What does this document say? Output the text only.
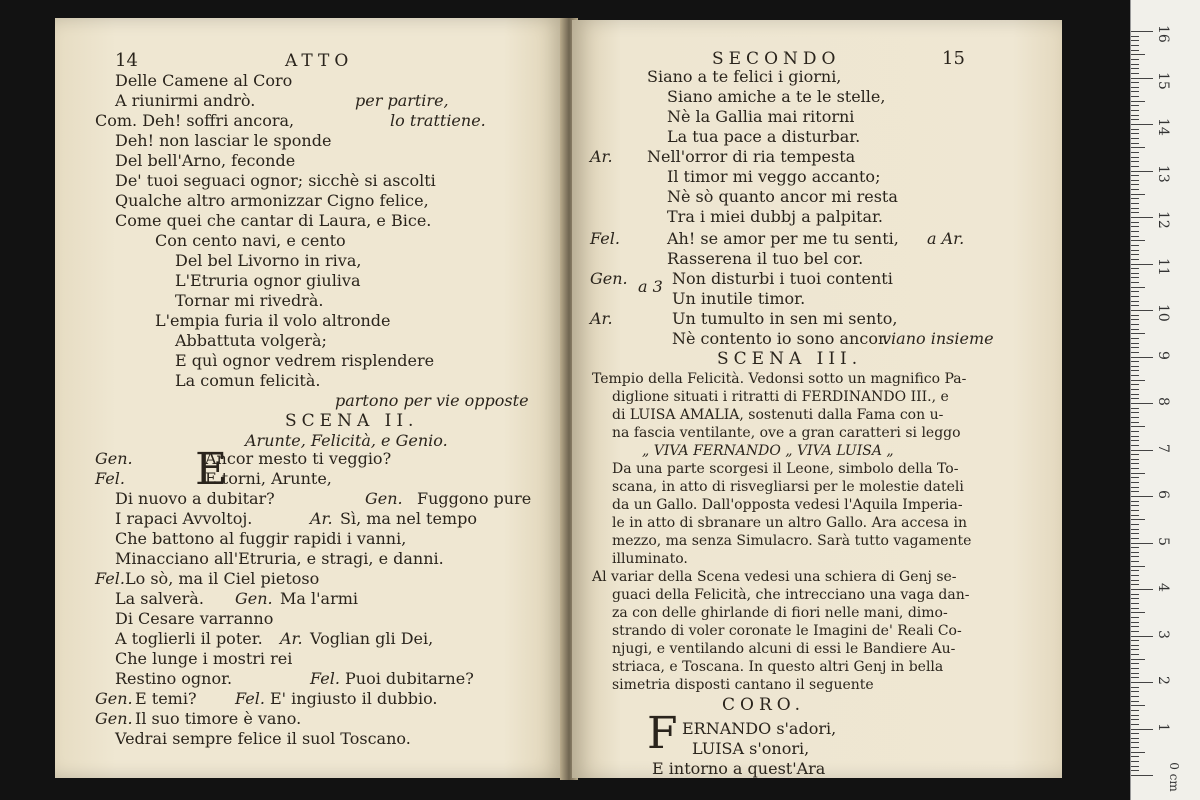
14	ATTO
Delle Camene al Coro
A riunirmi andrò.	per partire,
Com. Deh! soffri ancora,	lo trattiene.
Deh! non lasciar le sponde
Del bell'Arno, feconde
De' tuoi seguaci ognor; sicchè si ascolti
Qualche altro armonizzar Cigno felice,
Come quei che cantar di Laura, e Bice.
Con cento navi, e cento
Del bel Livorno in riva,
L'Etruria ognor giuliva
Tornar mi rivedrà.
L'empia furia il volo altronde
Abbattuta volgerà;
E quì ognor vedrem risplendere
La comun felicità.
partono per vie opposte
SCENA II.
Arunte, Felicità, e Genio.
Gen.	Ancor mesto ti veggio?
Fel.	E torni, Arunte,
Di nuovo a dubitar?	Gen. Fuggono pure
I rapaci Avvoltoj.	Ar. Sì, ma nel tempo
Che battono al fuggir rapidi i vanni,
Minacciano all'Etruria, e stragi, e danni.
Fel. Lo sò, ma il Ciel pietoso
La salverà. Gen. Ma l'armi
Di Cesare varranno
A toglierli il poter. Ar. Voglian gli Dei,
Che lunge i mostri rei
Restino ognor.	Fel. Puoi dubitarne?
Gen. E temi? Fel. E' ingiusto il dubbio.
Gen. Il suo timore è vano.
Vedrai sempre felice il suol Toscano.
E
SECONDO	15
Siano a te felici i giorni,
Siano amiche a te le stelle,
Nè la Gallia mai ritorni
La tua pace a disturbar.
Ar. Nell'orror di ria tempesta
Il timor mi veggo accanto;
Nè sò quanto ancor mi resta
Tra i miei dubbj a palpitar.
Fel.	Ah! se amor per me tu senti, a Ar.
Rasserena il tuo bel cor.
Gen. a 3 Non disturbi i tuoi contenti
Un inutile timor.
Ar.	Un tumulto in sen mi sento,
Nè contento io sono ancor.
viano insieme
SCENA III.
Tempio della Felicità. Vedonsi sotto un magnifico Pa-
diglione situati i ritratti di FERDINANDO III., e
di LUISA AMALIA, sostenuti dalla Fama con u-
na fascia ventilante, ove a gran caratteri si leggo
„ VIVA FERNANDO „ VIVA LUISA „
Da una parte scorgesi il Leone, simbolo della To-
scana, in atto di risvegliarsi per le molestie dateli
da un Gallo. Dall'opposta vedesi l'Aquila Imperia-
le in atto di sbranare un altro Gallo. Ara accesa in
mezzo, ma senza Simulacro. Sarà tutto vagamente
illuminato.
Al variar della Scena vedesi una schiera di Genj se-
guaci della Felicità, che intrecciano una vaga dan-
za con delle ghirlande di fiori nelle mani, dimo-
strando di voler coronate le Imagini de' Reali Co-
njugi, e ventilando alcuni di essi le Bandiere Au-
striaca, e Toscana. In questo altri Genj in bella
simetria disposti cantano il seguente
CORO.
ERNANDO s'adori,
LUISA s'onori,
E intorno a quest'Ara
F	1
2
3
4
5
6
7
8
9
10
11
12
13
14
15
16
0 cm
